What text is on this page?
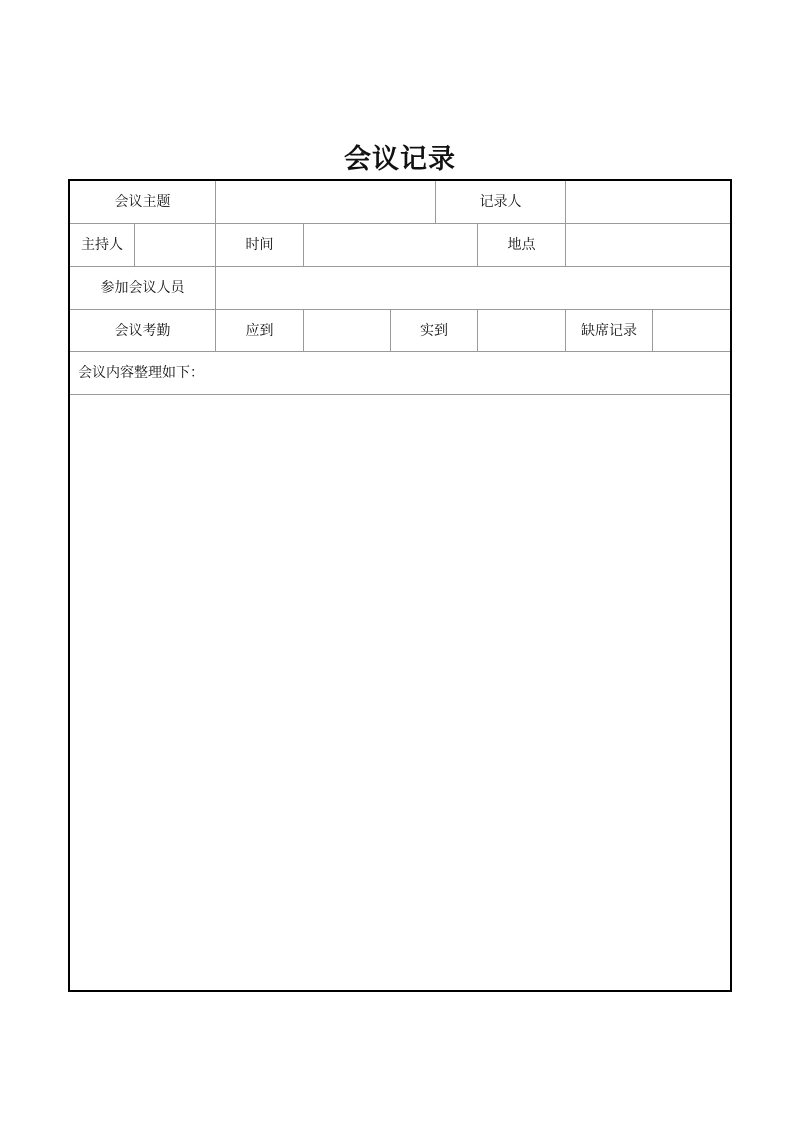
会议记录
会议主题	记录人
主持人	时间	地点
参加会议人员
会议考勤	应到	实到	缺席记录
会议内容整理如下：
